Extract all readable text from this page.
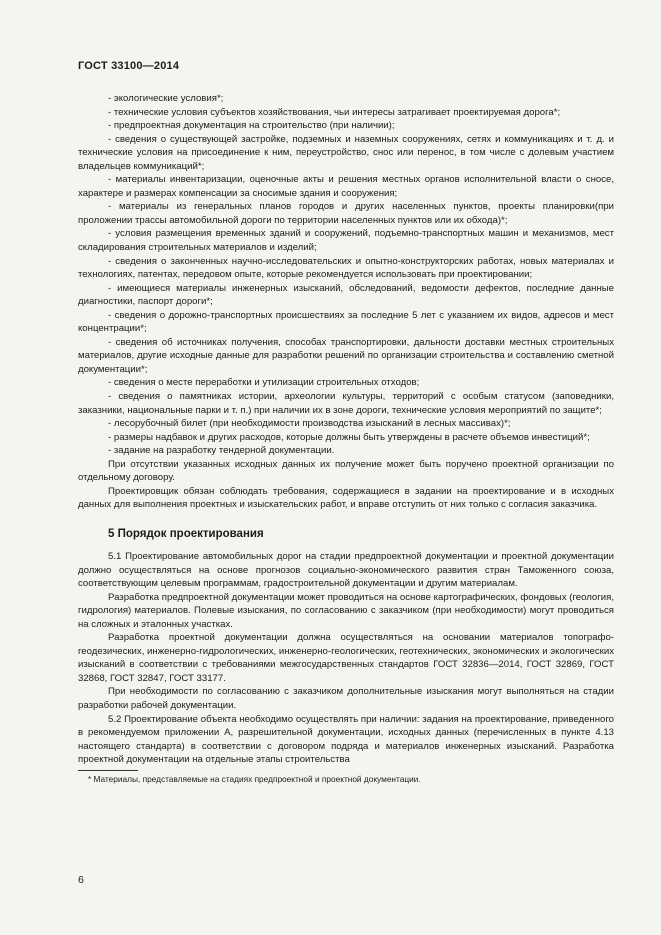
ГОСТ 33100—2014

- экологические условия*;

- технические условия субъектов хозяйствования, чьи интересы затрагивает проектируемая дорога*;

- предпроектная документация на строительство (при наличии);

- сведения о существующей застройке, подземных и наземных сооружениях, сетях и коммуникациях и т. д. и технические условия на присоединение к ним, переустройство, снос или перенос, в том числе с долевым участием владельцев коммуникаций*;

- материалы инвентаризации, оценочные акты и решения местных органов исполнительной власти о сносе, характере и размерах компенсации за сносимые здания и сооружения;

- материалы из генеральных планов городов и других населенных пунктов, проекты планировки(при проложении трассы автомобильной дороги по территории населенных пунктов или их обхода)*;

- условия размещения временных зданий и сооружений, подъемно-транспортных машин и механизмов, мест складирования строительных материалов и изделий;

- сведения о законченных научно-исследовательских и опытно-конструкторских работах, новых материалах и технологиях, патентах, передовом опыте, которые рекомендуется использовать при проектировании;

- имеющиеся материалы инженерных изысканий, обследований, ведомости дефектов, последние данные диагностики, паспорт дороги*;

- сведения о дорожно-транспортных происшествиях за последние 5 лет с указанием их видов, адресов и мест концентрации*;

- сведения об источниках получения, способах транспортировки, дальности доставки местных строительных материалов, другие исходные данные для разработки решений по организации строительства и составлению сметной документации*;

- сведения о месте переработки и утилизации строительных отходов;

- сведения о памятниках истории, археологии культуры, территорий с особым статусом (заповедники, заказники, национальные парки и т. п.) при наличии их в зоне дороги, технические условия мероприятий по защите*;

- лесорубочный билет (при необходимости производства изысканий в лесных массивах)*;

- размеры надбавок и других расходов, которые должны быть утверждены в расчете объемов инвестиций*;

- задание на разработку тендерной документации.

При отсутствии указанных исходных данных их получение может быть поручено проектной организации по отдельному договору.

Проектировщик обязан соблюдать требования, содержащиеся в задании на проектирование и в исходных данных для выполнения проектных и изыскательских работ, и вправе отступить от них только с согласия заказчика.

5 Порядок проектирования

5.1 Проектирование автомобильных дорог на стадии предпроектной документации и проектной документации должно осуществляться на основе прогнозов социально-экономического развития стран Таможенного союза, соответствующим целевым программам, градостроительной документации и другим материалам.

Разработка предпроектной документации может проводиться на основе картографических, фондовых (геология, гидрология) материалов. Полевые изыскания, по согласованию с заказчиком (при необходимости) могут проводиться на сложных и эталонных участках.

Разработка проектной документации должна осуществляться на основании материалов топографо-геодезических, инженерно-гидрологических, инженерно-геологических, геотехнических, экономических и экологических изысканий в соответствии с требованиями межгосударственных стандартов ГОСТ 32836—2014, ГОСТ 32869, ГОСТ 32868, ГОСТ 32847, ГОСТ 33177.

При необходимости по согласованию с заказчиком дополнительные изыскания могут выполняться на стадии разработки рабочей документации.

5.2 Проектирование объекта необходимо осуществлять при наличии: задания на проектирование, приведенного в рекомендуемом приложении А, разрешительной документации, исходных данных (перечисленных в пункте 4.13 настоящего стандарта) в соответствии с договором подряда и материалов инженерных изысканий. Разработка проектной документации на отдельные этапы строительства

* Материалы, представляемые на стадиях предпроектной и проектной документации.

6
